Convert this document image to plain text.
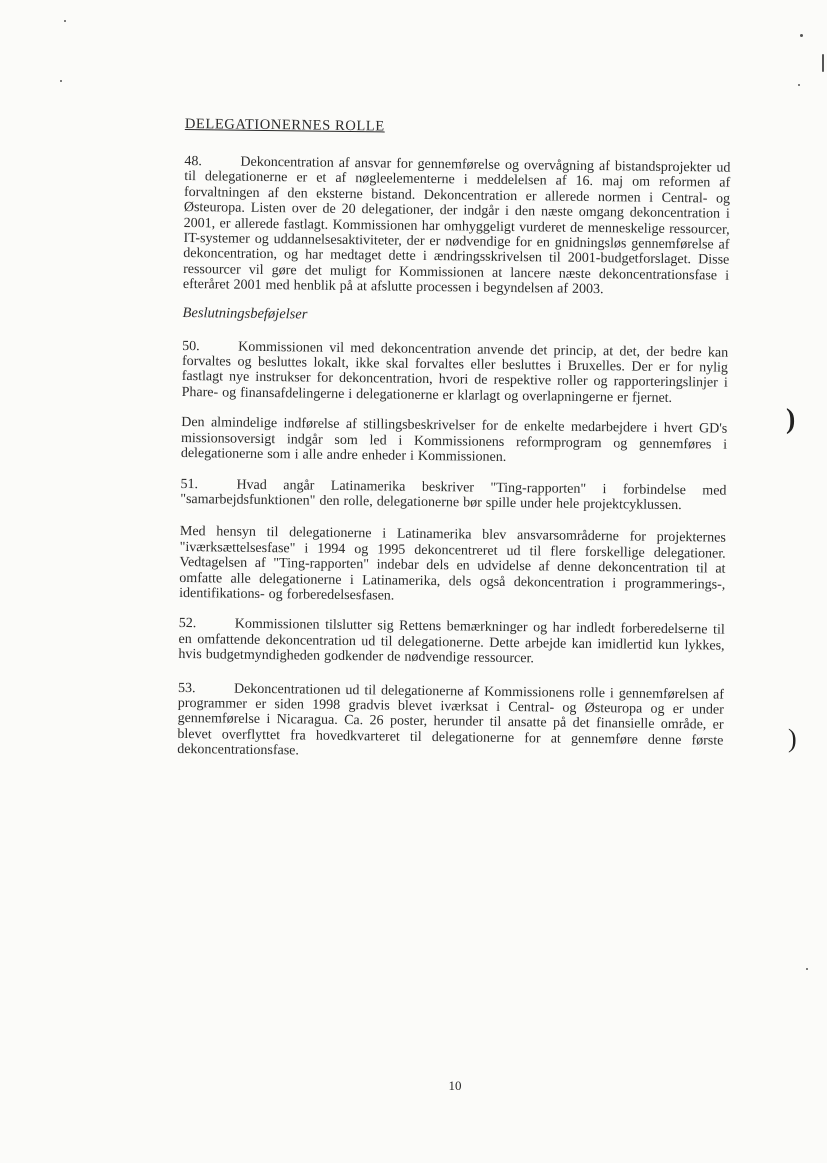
DELEGATIONERNES ROLLE

48.	Dekoncentration af ansvar for gennemførelse og overvågning af bistandsprojekter ud til delegationerne er et af nøgleelementerne i meddelelsen af 16. maj om reformen af forvaltningen af den eksterne bistand. Dekoncentration er allerede normen i Central- og Østeuropa. Listen over de 20 delegationer, der indgår i den næste omgang dekoncentration i 2001, er allerede fastlagt. Kommissionen har omhyggeligt vurderet de menneskelige ressourcer, IT-systemer og uddannelsesaktiviteter, der er nødvendige for en gnidningsløs gennemførelse af dekoncentration, og har medtaget dette i ændringsskrivelsen til 2001-budgetforslaget. Disse ressourcer vil gøre det muligt for Kommissionen at lancere næste dekoncentrationsfase i efteråret 2001 med henblik på at afslutte processen i begyndelsen af 2003.

Beslutningsbeføjelser

50.	Kommissionen vil med dekoncentration anvende det princip, at det, der bedre kan forvaltes og besluttes lokalt, ikke skal forvaltes eller besluttes i Bruxelles. Der er for nylig fastlagt nye instrukser for dekoncentration, hvori de respektive roller og rapporteringslinjer i Phare- og finansafdelingerne i delegationerne er klarlagt og overlapningerne er fjernet.

Den almindelige indførelse af stillingsbeskrivelser for de enkelte medarbejdere i hvert GD's missionsoversigt indgår som led i Kommissionens reformprogram og gennemføres i delegationerne som i alle andre enheder i Kommissionen.

51.	Hvad angår Latinamerika beskriver "Ting-rapporten" i forbindelse med "samarbejdsfunktionen" den rolle, delegationerne bør spille under hele projektcyklussen.

Med hensyn til delegationerne i Latinamerika blev ansvarsområderne for projekternes "iværksættelsesfase" i 1994 og 1995 dekoncentreret ud til flere forskellige delegationer. Vedtagelsen af "Ting-rapporten" indebar dels en udvidelse af denne dekoncentration til at omfatte alle delegationerne i Latinamerika, dels også dekoncentration i programmerings-, identifikations- og forberedelsesfasen.

52.	Kommissionen tilslutter sig Rettens bemærkninger og har indledt forberedelserne til en omfattende dekoncentration ud til delegationerne. Dette arbejde kan imidlertid kun lykkes, hvis budgetmyndigheden godkender de nødvendige ressourcer.

53.	Dekoncentrationen ud til delegationerne af Kommissionens rolle i gennemførelsen af programmer er siden 1998 gradvis blevet iværksat i Central- og Østeuropa og er under gennemførelse i Nicaragua. Ca. 26 poster, herunder til ansatte på det finansielle område, er blevet overflyttet fra hovedkvarteret til delegationerne for at gennemføre denne første dekoncentrationsfase.

10
)
)
